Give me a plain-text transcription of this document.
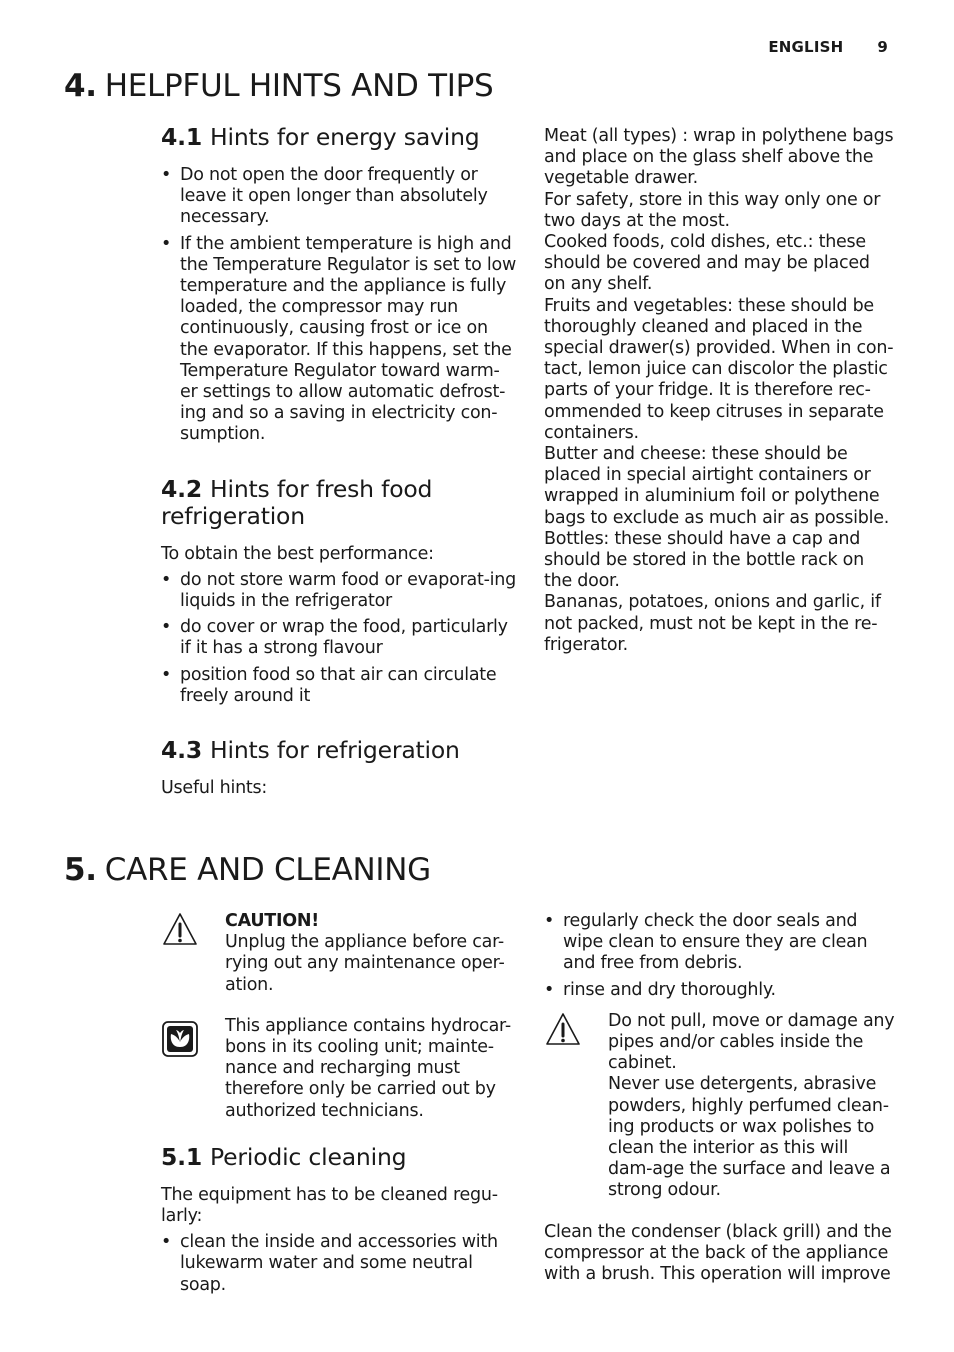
ENGLISH 9
4. HELPFUL HINTS AND TIPS
4.1 Hints for energy saving
• Do not open the door frequently or leave it open longer than absolutely necessary.
• If the ambient temperature is high and the Temperature Regulator is set to low temperature and the appliance is fully loaded, the compressor may run continuously, causing frost or ice on the evaporator. If this happens, set the Temperature Regulator toward warm-er settings to allow automatic defrost-ing and so a saving in electricity con-sumption.
4.2 Hints for fresh food refrigeration

To obtain the best performance:

• do not store warm food or evaporat-ing liquids in the refrigerator
• do cover or wrap the food, particularly if it has a strong flavour
• position food so that air can circulate freely around it
4.3 Hints for refrigeration

Useful hints:

Meat (all types) : wrap in polythene bags and place on the glass shelf above the vegetable drawer.

For safety, store in this way only one or two days at the most.

Cooked foods, cold dishes, etc.: these should be covered and may be placed on any shelf.

Fruits and vegetables: these should be thoroughly cleaned and placed in the special drawer(s) provided. When in con-tact, lemon juice can discolor the plastic parts of your fridge. It is therefore rec-ommended to keep citruses in separate containers.

Butter and cheese: these should be placed in special airtight containers or wrapped in aluminium foil or polythene bags to exclude as much air as possible.

Bottles: these should have a cap and should be stored in the bottle rack on the door.

Bananas, potatoes, onions and garlic, if not packed, must not be kept in the re-frigerator.

5. CARE AND CLEANING

CAUTION!

Unplug the appliance before car-rying out any maintenance oper-ation.

This appliance contains hydrocar-bons in its cooling unit; mainte-nance and recharging must therefore only be carried out by authorized technicians.

5.1 Periodic cleaning

The equipment has to be cleaned regu-larly:

• clean the inside and accessories with lukewarm water and some neutral soap.
• regularly check the door seals and wipe clean to ensure they are clean and free from debris.
• rinse and dry thoroughly.

Do not pull, move or damage any pipes and/or cables inside the cabinet.

Never use detergents, abrasive powders, highly perfumed clean-ing products or wax polishes to clean the interior as this will dam-age the surface and leave a strong odour.

Clean the condenser (black grill) and the compressor at the back of the appliance with a brush. This operation will improve
